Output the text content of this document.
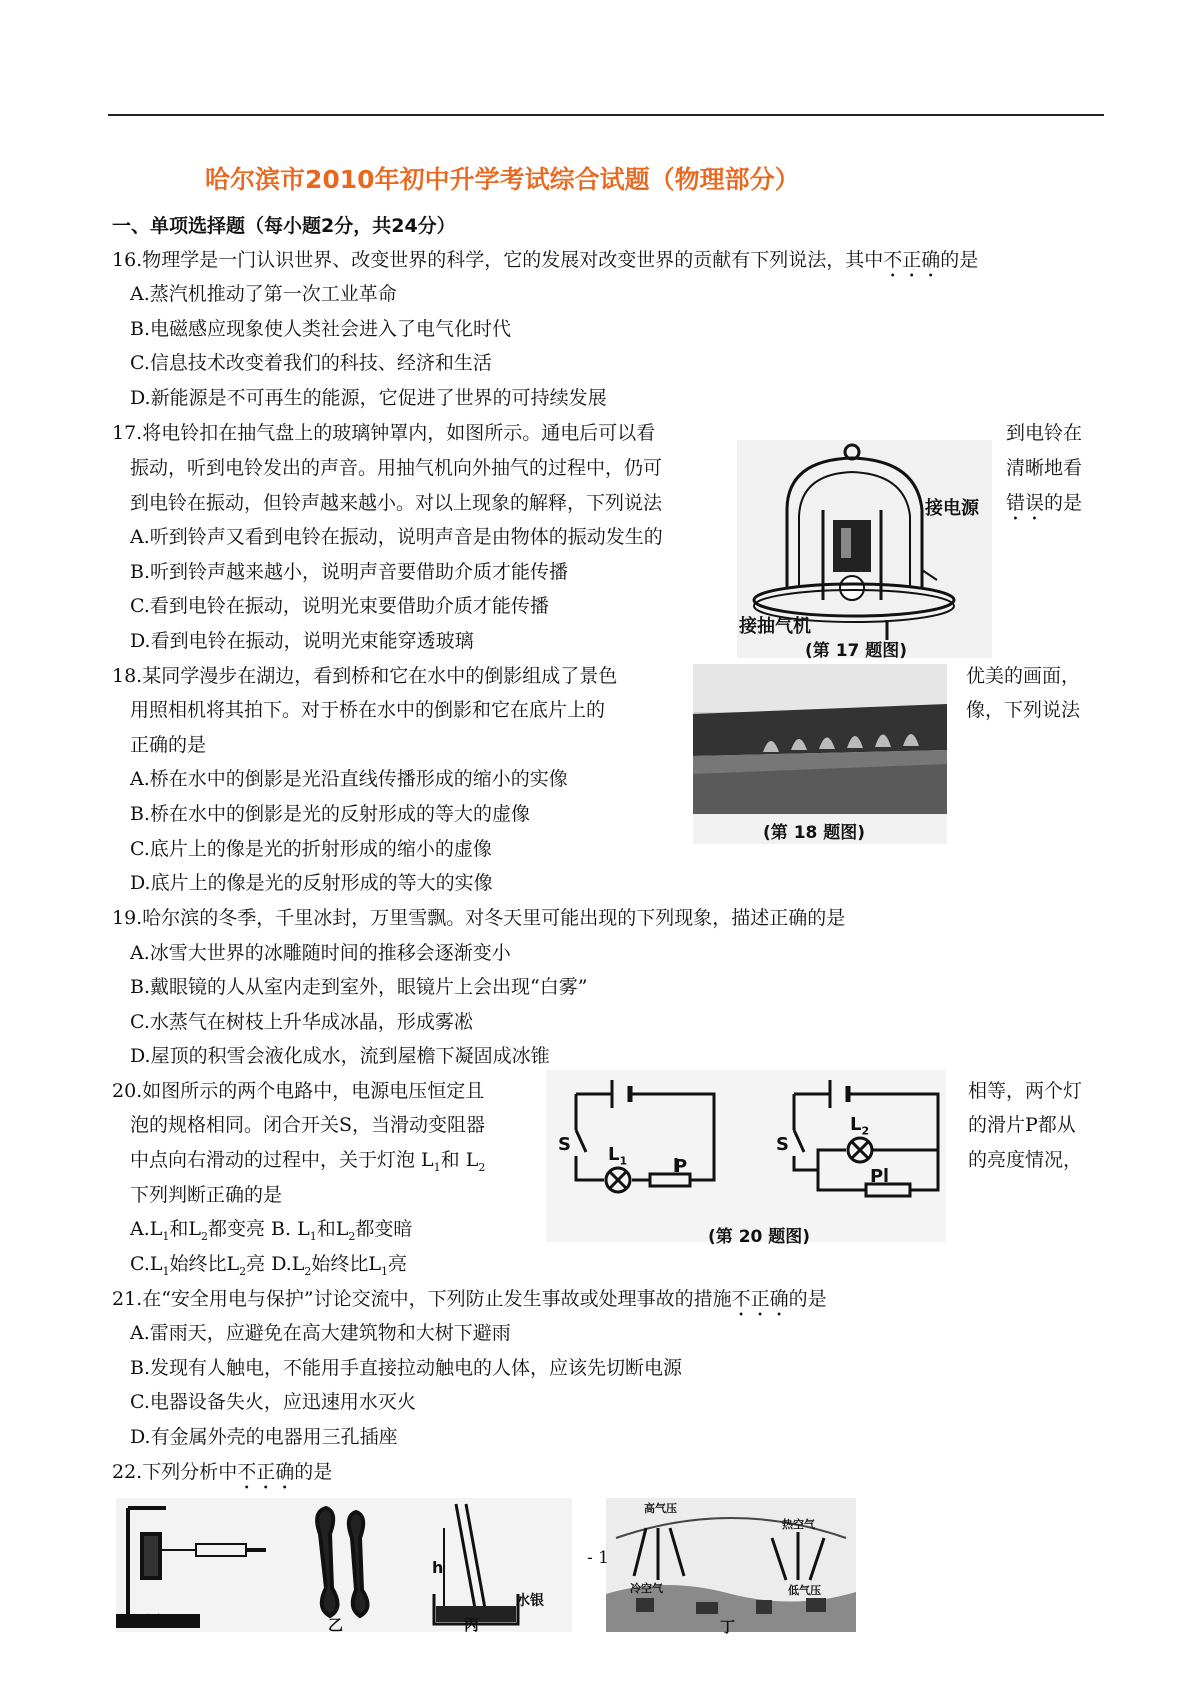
哈尔滨市2010年初中升学考试综合试题（物理部分）
一、单项选择题（每小题2分，共24分）
16.物理学是一门认识世界、改变世界的科学，它的发展对改变世界的贡献有下列说法，其中不正确的是
A.蒸汽机推动了第一次工业革命
B.电磁感应现象使人类社会进入了电气化时代
C.信息技术改变着我们的科技、经济和生活
D.新能源是不可再生的能源，它促进了世界的可持续发展
17.将电铃扣在抽气盘上的玻璃钟罩内，如图所示。通电后可以看	到电铃在
振动，听到电铃发出的声音。用抽气机向外抽气的过程中，仍可	清晰地看
到电铃在振动，但铃声越来越小。对以上现象的解释，下列说法	错误的是
A.听到铃声又看到电铃在振动，说明声音是由物体的振动发生的
B.听到铃声越来越小，说明声音要借助介质才能传播
C.看到电铃在振动，说明光束要借助介质才能传播
D.看到电铃在振动，说明光束能穿透玻璃
接电源
接抽气机
(第 17 题图)
18.某同学漫步在湖边，看到桥和它在水中的倒影组成了景色	优美的画面，
用照相机将其拍下。对于桥在水中的倒影和它在底片上的	像，下列说法
正确的是
A.桥在水中的倒影是光沿直线传播形成的缩小的实像
B.桥在水中的倒影是光的反射形成的等大的虚像
C.底片上的像是光的折射形成的缩小的虚像
D.底片上的像是光的反射形成的等大的实像
(第 18 题图)
19.哈尔滨的冬季，千里冰封，万里雪飘。对冬天里可能出现的下列现象，描述正确的是
A.冰雪大世界的冰雕随时间的推移会逐渐变小
B.戴眼镜的人从室内走到室外，眼镜片上会出现“白雾”
C.水蒸气在树枝上升华成冰晶，形成雾凇
D.屋顶的积雪会液化成水，流到屋檐下凝固成冰锥
20.如图所示的两个电路中，电源电压恒定且	相等，两个灯
泡的规格相同。闭合开关S，当滑动变阻器	的滑片P都从
中点向右滑动的过程中，关于灯泡 $L_1$和 $L_2$	的亮度情况，
下列判断正确的是
$A.L_1$和$L_2$都变亮 B. $L_1$和$L_2$都变暗
$C.L_1$始终比$L_2$亮 $D.L_2$始终比$L_1$亮
S $L_1$	P
S
$L_2$
P
(第 20 题图)
21.在“安全用电与保护”讨论交流中，下列防止发生事故或处理事故的措施不正确的是
A.雷雨天，应避免在高大建筑物和大树下避雨
B.发现有人触电，不能用手直接拉动触电的人体，应该先切断电源
C.电器设备失火，应迅速用水灭火
D.有金属外壳的电器用三孔插座
22.下列分析中不正确的是
甲	乙	丙
h
水银
高气压
冷空气
热空气
低气压
丁
- 1
